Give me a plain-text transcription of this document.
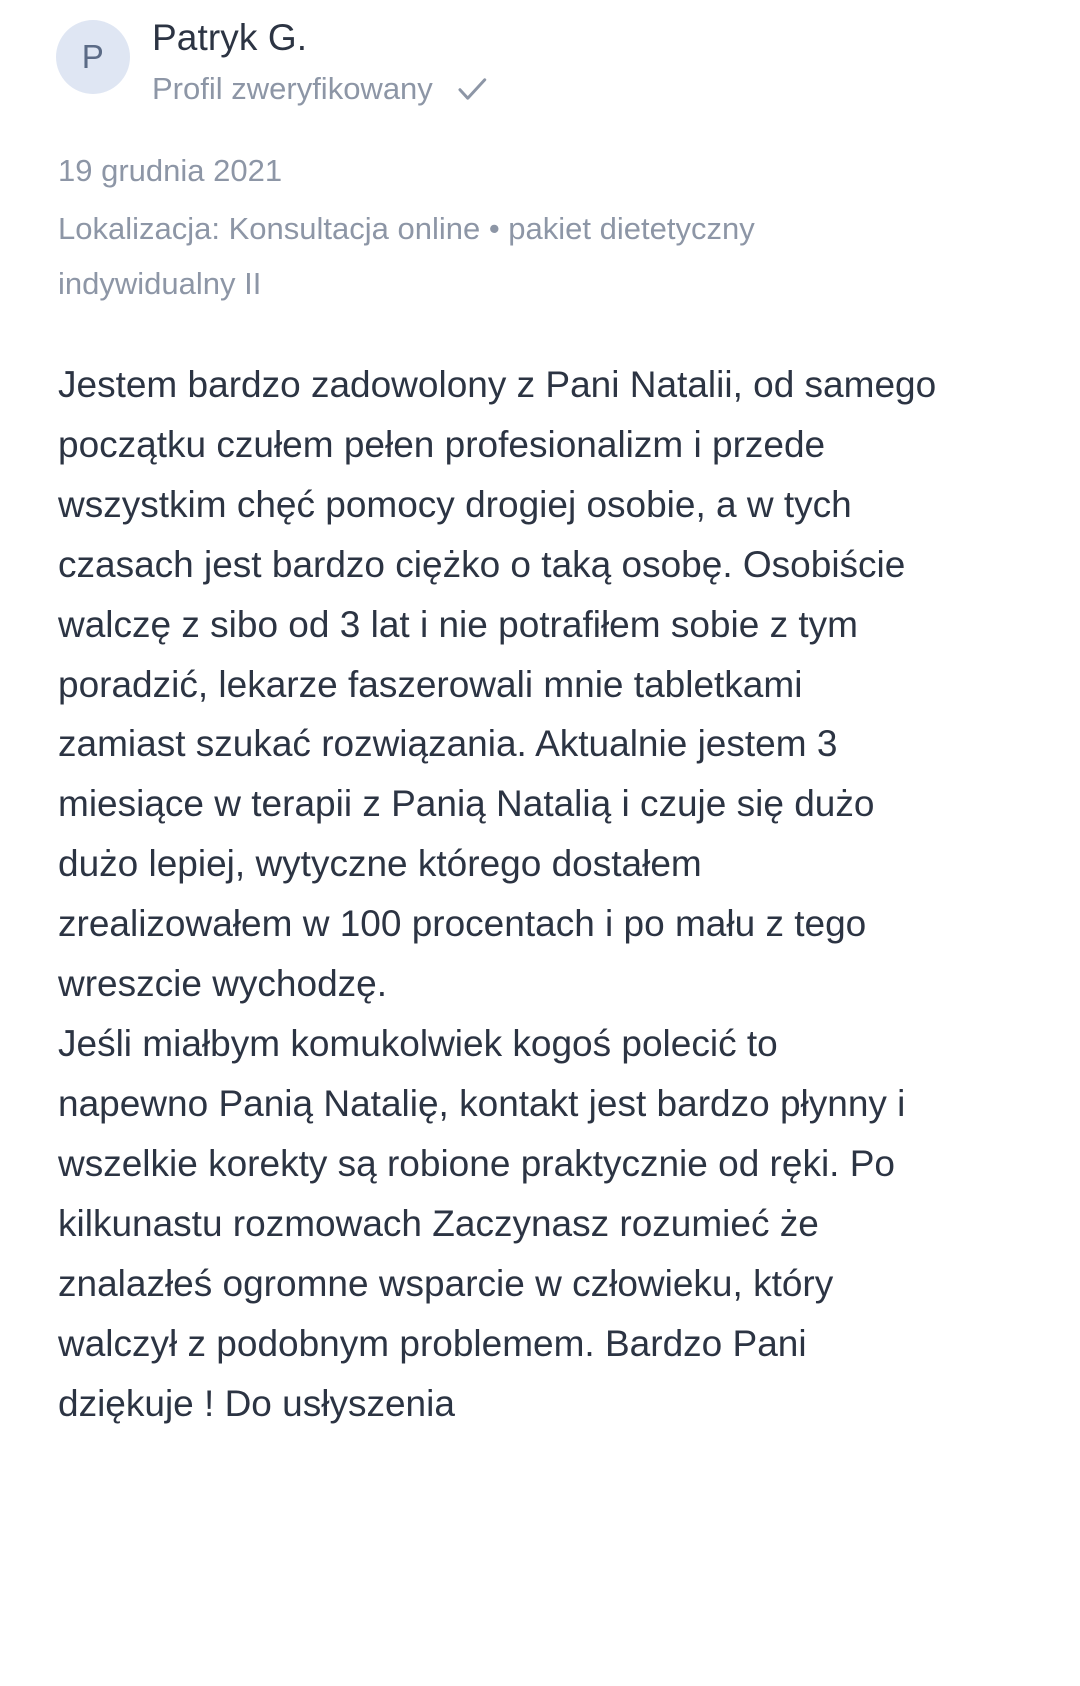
P	Patryk G.
Profil zweryfikowany
19 grudnia 2021
Lokalizacja: Konsultacja online • pakiet dietetyczny indywidualny II

Jestem bardzo zadowolony z Pani Natalii, od samego początku czułem pełen profesionalizm i przede wszystkim chęć pomocy drogiej osobie, a w tych czasach jest bardzo ciężko o taką osobę. Osobiście walczę z sibo od 3 lat i nie potrafiłem sobie z tym poradzić, lekarze faszerowali mnie tabletkami zamiast szukać rozwiązania. Aktualnie jestem 3 miesiące w terapii z Panią Natalią i czuje się dużo dużo lepiej, wytyczne którego dostałem zrealizowałem w 100 procentach i po mału z tego wreszcie wychodzę.

Jeśli miałbym komukolwiek kogoś polecić to napewno Panią Natalię, kontakt jest bardzo płynny i wszelkie korekty są robione praktycznie od ręki. Po kilkunastu rozmowach Zaczynasz rozumieć że znalazłeś ogromne wsparcie w człowieku, który walczył z podobnym problemem. Bardzo Pani dziękuje ! Do usłyszenia
